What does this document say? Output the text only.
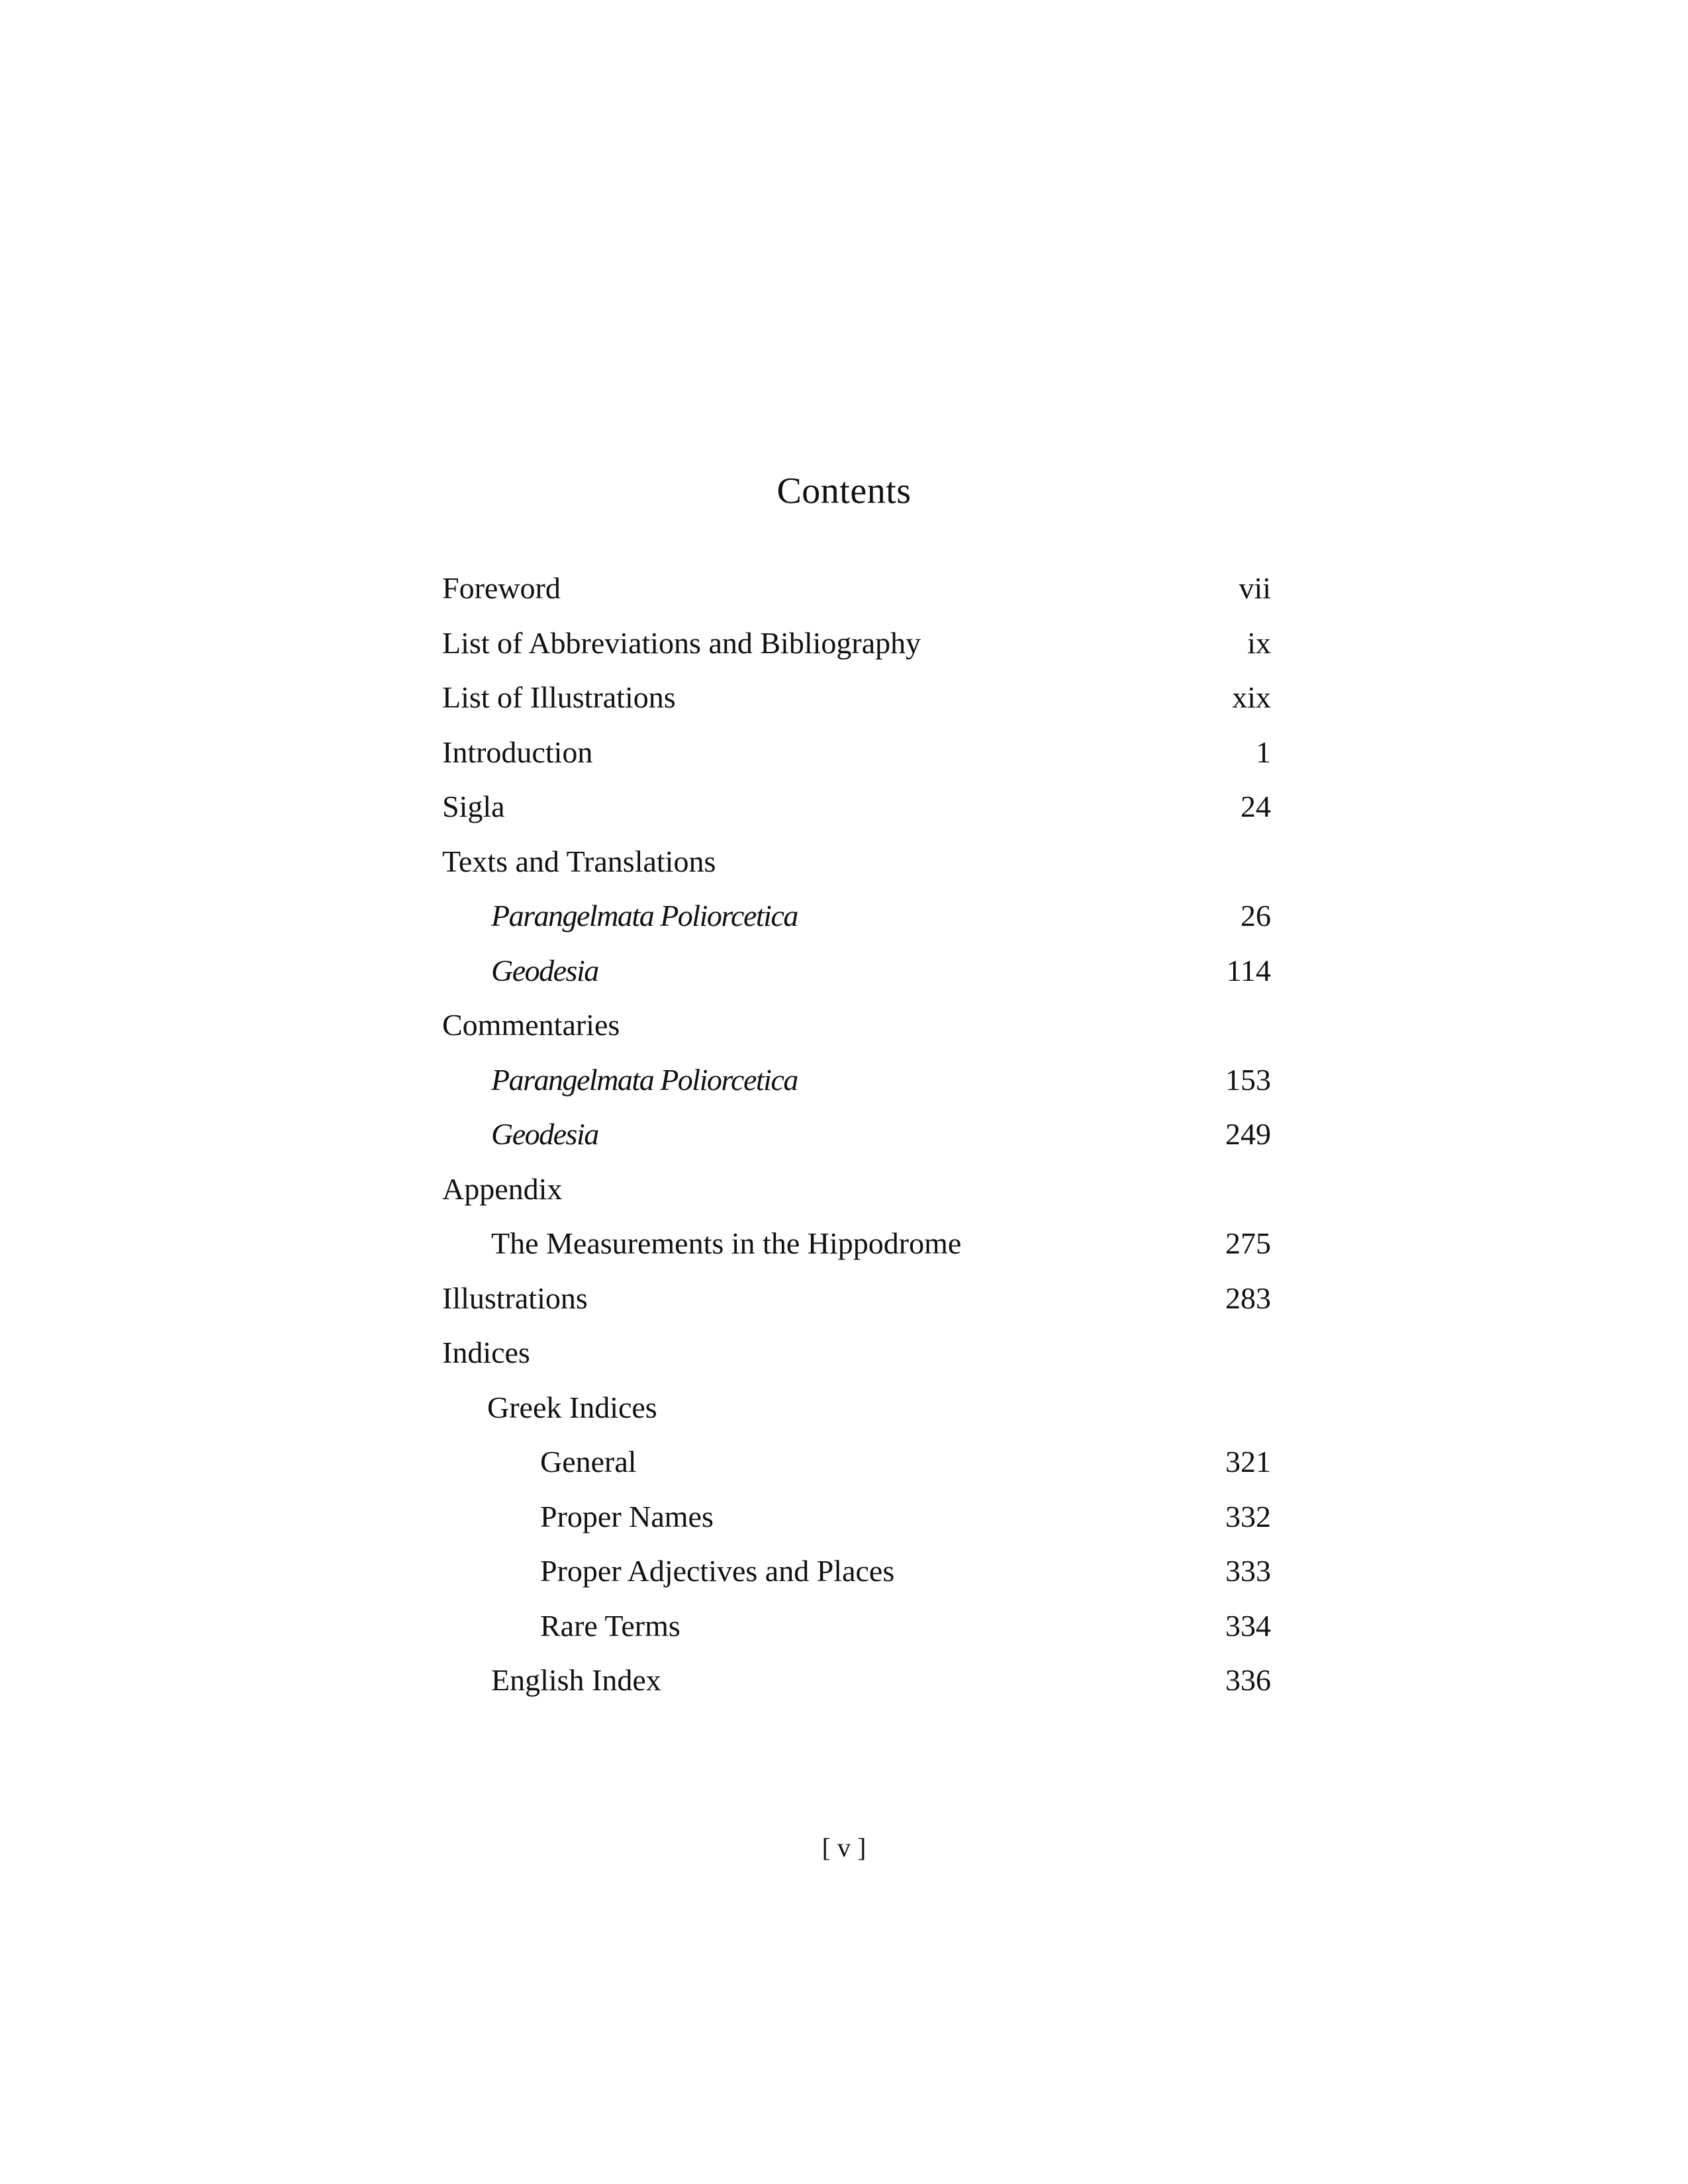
Contents
Foreword	vii
List of Abbreviations and Bibliography	ix
List of Illustrations	xix
Introduction	1
Sigla	24
Texts and Translations
Parangelmata Poliorcetica	26
Geodesia	114
Commentaries
Parangelmata Poliorcetica	153
Geodesia	249
Appendix
The Measurements in the Hippodrome	275
Illustrations	283
Indices
Greek Indices
General	321
Proper Names	332
Proper Adjectives and Places	333
Rare Terms	334
English Index	336
[ v ]
